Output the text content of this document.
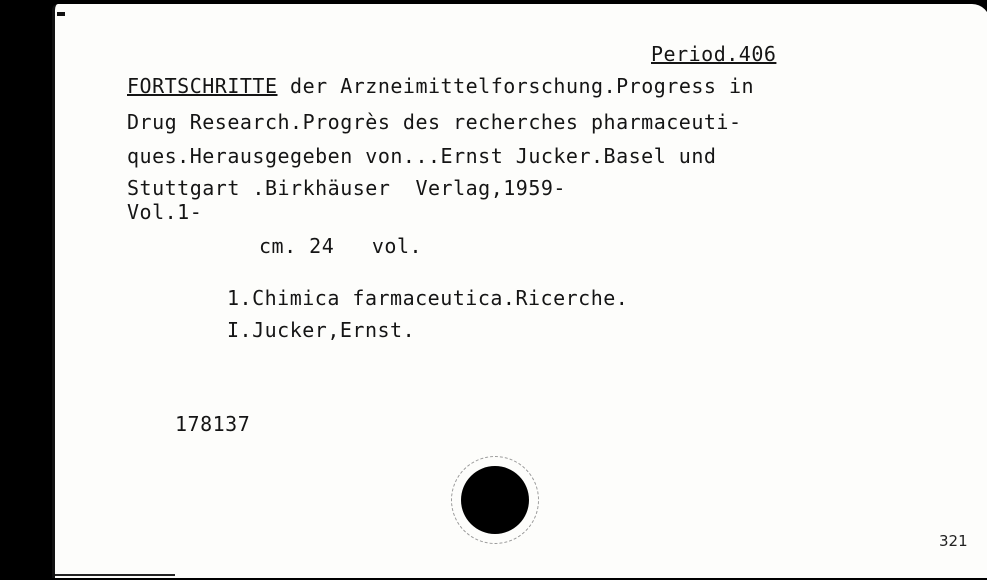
Period.406
FORTSCHRITTE der Arzneimittelforschung.Progress in
Drug Research.Progrès des recherches pharmaceuti-
ques.Herausgegeben von...Ernst Jucker.Basel und
Stuttgart .Birkhäuser  Verlag,1959-
Vol.1-
cm. 24   vol.
1.Chimica farmaceutica.Ricerche.
I.Jucker,Ernst.
178137
321
